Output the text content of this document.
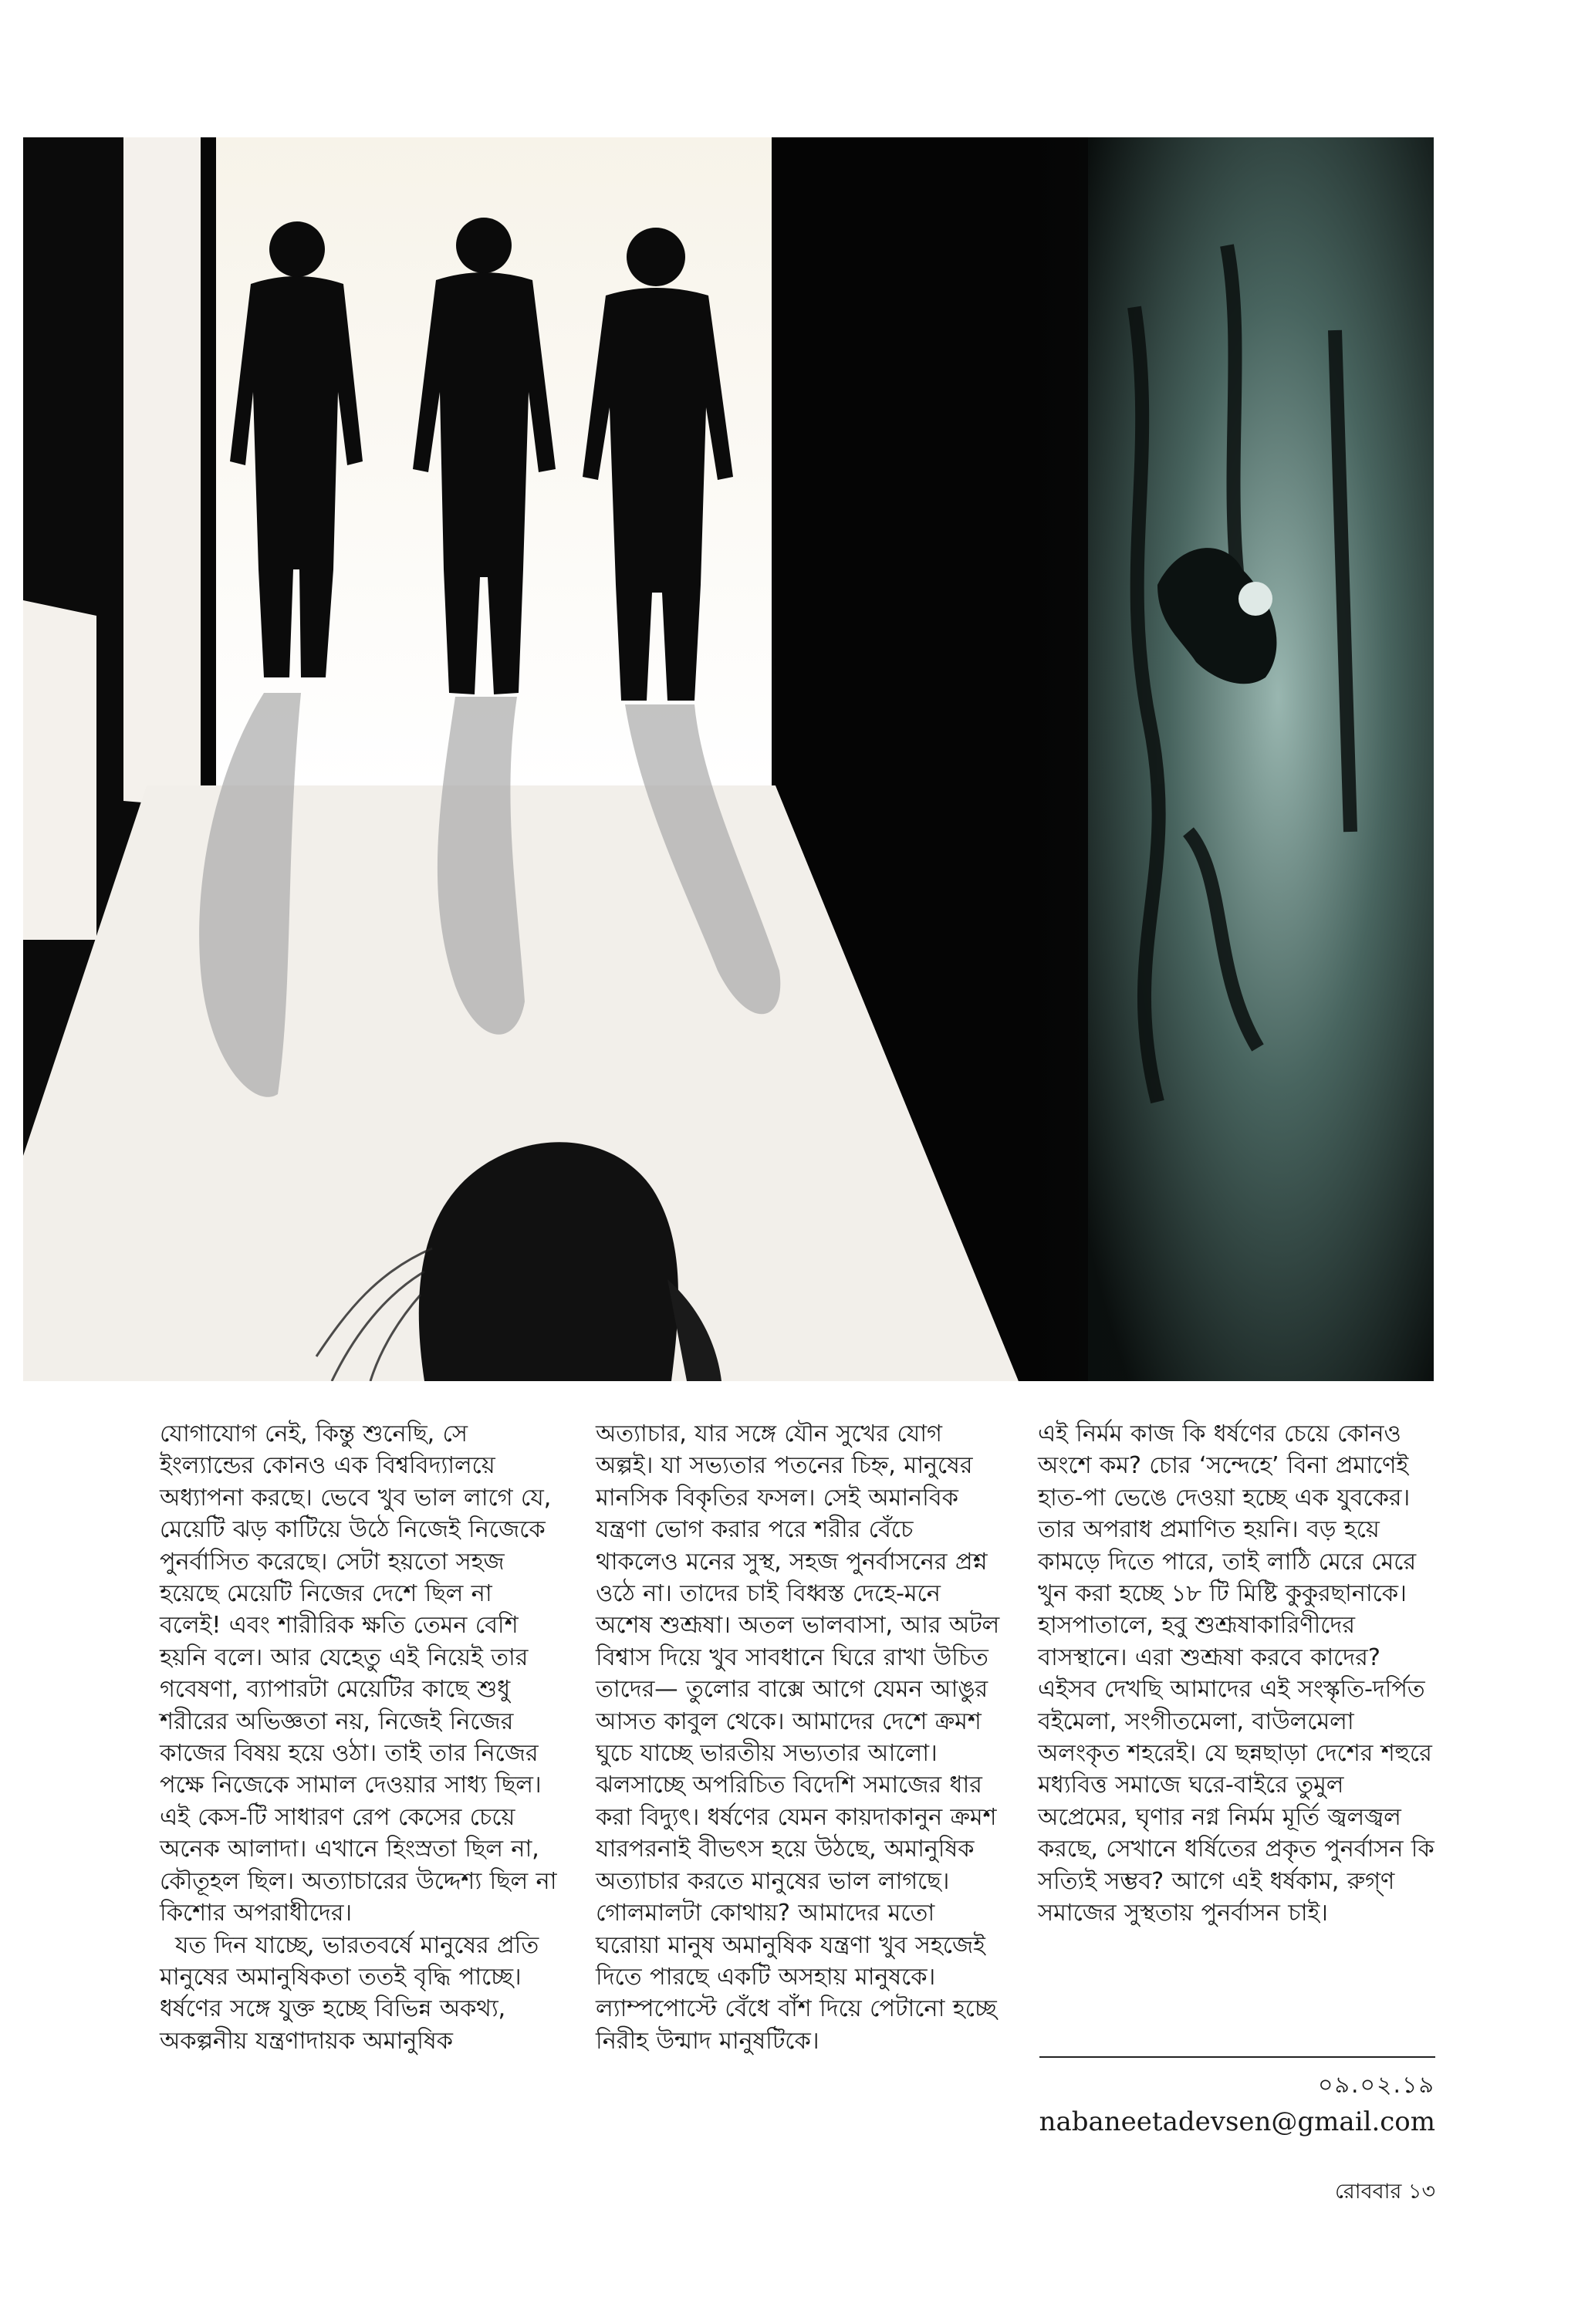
যোগাযোগ নেই, কিন্তু শুনেছি, সে ইংল্যান্ডের কোনও এক বিশ্ববিদ্যালয়ে অধ্যাপনা করছে। ভেবে খুব ভাল লাগে যে, মেয়েটি ঝড় কাটিয়ে উঠে নিজেই নিজেকে পুনর্বাসিত করেছে। সেটা হয়তো সহজ হয়েছে মেয়েটি নিজের দেশে ছিল না বলেই! এবং শারীরিক ক্ষতি তেমন বেশি হয়নি বলে। আর যেহেতু এই নিয়েই তার গবেষণা, ব্যাপারটা মেয়েটির কাছে শুধু শরীরের অভিজ্ঞতা নয়, নিজেই নিজের কাজের বিষয় হয়ে ওঠা। তাই তার নিজের পক্ষে নিজেকে সামাল দেওয়ার সাধ্য ছিল। এই কেস-টি সাধারণ রেপ কেসের চেয়ে অনেক আলাদা। এখানে হিংস্রতা ছিল না, কৌতূহল ছিল। অত্যাচারের উদ্দেশ্য ছিল না কিশোর অপরাধীদের।

যত দিন যাচ্ছে, ভারতবর্ষে মানুষের প্রতি মানুষের অমানুষিকতা ততই বৃদ্ধি পাচ্ছে। ধর্ষণের সঙ্গে যুক্ত হচ্ছে বিভিন্ন অকথ্য, অকল্পনীয় যন্ত্রণাদায়ক অমানুষিক

অত্যাচার, যার সঙ্গে যৌন সুখের যোগ অল্পই। যা সভ্যতার পতনের চিহ্ন, মানুষের মানসিক বিকৃতির ফসল। সেই অমানবিক যন্ত্রণা ভোগ করার পরে শরীর বেঁচে থাকলেও মনের সুস্থ, সহজ পুনর্বাসনের প্রশ্ন ওঠে না। তাদের চাই বিধ্বস্ত দেহে-মনে অশেষ শুশ্রূষা। অতল ভালবাসা, আর অটল বিশ্বাস দিয়ে খুব সাবধানে ঘিরে রাখা উচিত তাদের— তুলোর বাক্সে আগে যেমন আঙুর আসত কাবুল থেকে। আমাদের দেশে ক্রমশ ঘুচে যাচ্ছে ভারতীয় সভ্যতার আলো। ঝলসাচ্ছে অপরিচিত বিদেশি সমাজের ধার করা বিদ্যুৎ। ধর্ষণের যেমন কায়দাকানুন ক্রমশ যারপরনাই বীভৎস হয়ে উঠছে, অমানুষিক অত্যাচার করতে মানুষের ভাল লাগছে। গোলমালটা কোথায়? আমাদের মতো ঘরোয়া মানুষ অমানুষিক যন্ত্রণা খুব সহজেই দিতে পারছে একটি অসহায় মানুষকে। ল্যাম্পপোস্টে বেঁধে বাঁশ দিয়ে পেটানো হচ্ছে নিরীহ উন্মাদ মানুষটিকে।

এই নির্মম কাজ কি ধর্ষণের চেয়ে কোনও অংশে কম? চোর ‘সন্দেহে’ বিনা প্রমাণেই হাত-পা ভেঙে দেওয়া হচ্ছে এক যুবকের। তার অপরাধ প্রমাণিত হয়নি। বড় হয়ে কামড়ে দিতে পারে, তাই লাঠি মেরে মেরে খুন করা হচ্ছে ১৮ টি মিষ্টি কুকুরছানাকে। হাসপাতালে, হবু শুশ্রূষাকারিণীদের বাসস্থানে। এরা শুশ্রূষা করবে কাদের? এইসব দেখছি আমাদের এই সংস্কৃতি-দর্পিত বইমেলা, সংগীতমেলা, বাউলমেলা অলংকৃত শহরেই। যে ছন্নছাড়া দেশের শহুরে মধ্যবিত্ত সমাজে ঘরে-বাইরে তুমুল অপ্রেমের, ঘৃণার নগ্ন নির্মম মূর্তি জ্বলজ্বল করছে, সেখানে ধর্ষিতের প্রকৃত পুনর্বাসন কি সত্যিই সম্ভব? আগে এই ধর্ষকাম, রুগ্ণ সমাজের সুস্থতায় পুনর্বাসন চাই।

০৯.০২.১৯
nabaneetadevsen@gmail.com
রোববার ১৩
